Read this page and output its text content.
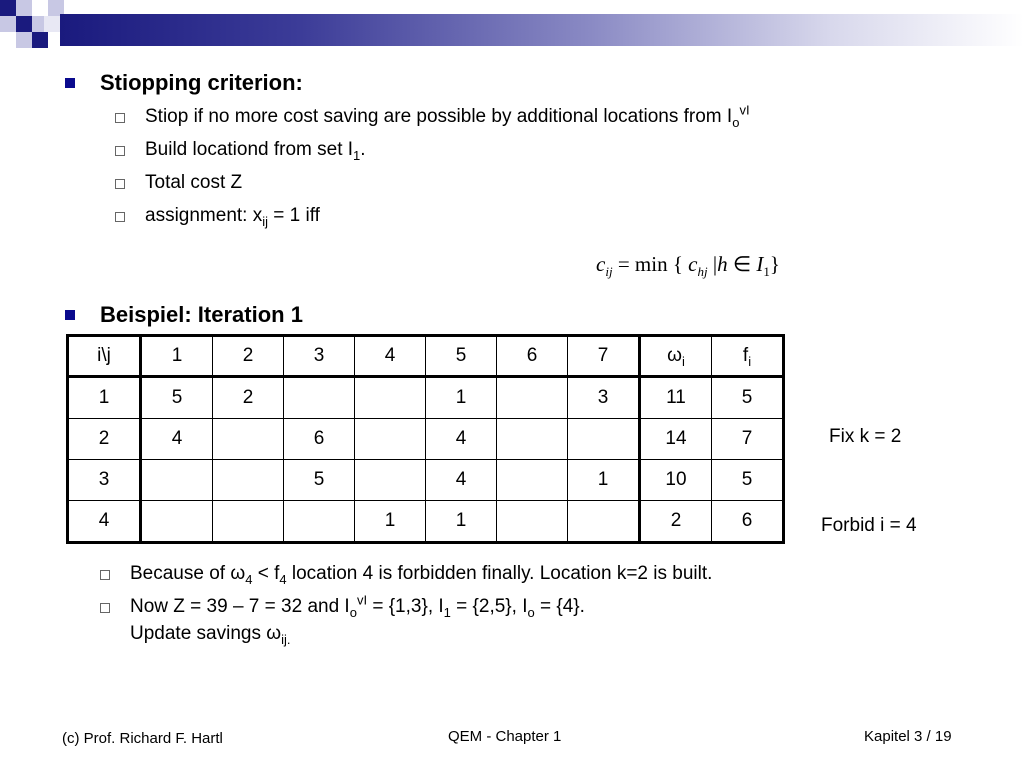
Stiopping criterion:
Stiop if no more cost saving are possible by additional locations from $I_o^{vI}$
Build locationd from set $I_1$.
Total cost Z
assignment: $x_{ij} = 1$ iff
$c_{ij} = \min$ { $c_{hj}$ |h ∈ $I_1$}
Beispiel: Iteration 1
i\j	1	2	3	4	5	6	7	$\omega_i$	$f_i$
1	5	2			1		3	11	5
2	4		6		4			14	7
3			5		4		1	10	5
4				1	1			2	6
Fix k = 2
Forbid i = 4
Because of $\omega_4 < f_4$ location 4 is forbidden finally. Location k=2 is built.
Now Z = 39 – 7 = 32 and $I_o^{vI} = \{1,3\}$, $I_1 = \{2,5\}$, $I_o = \{4\}$.
Update savings $\omega_{ij.}$
(c) Prof. Richard F. Hartl	QEM - Chapter 1	Kapitel 3 / 19
